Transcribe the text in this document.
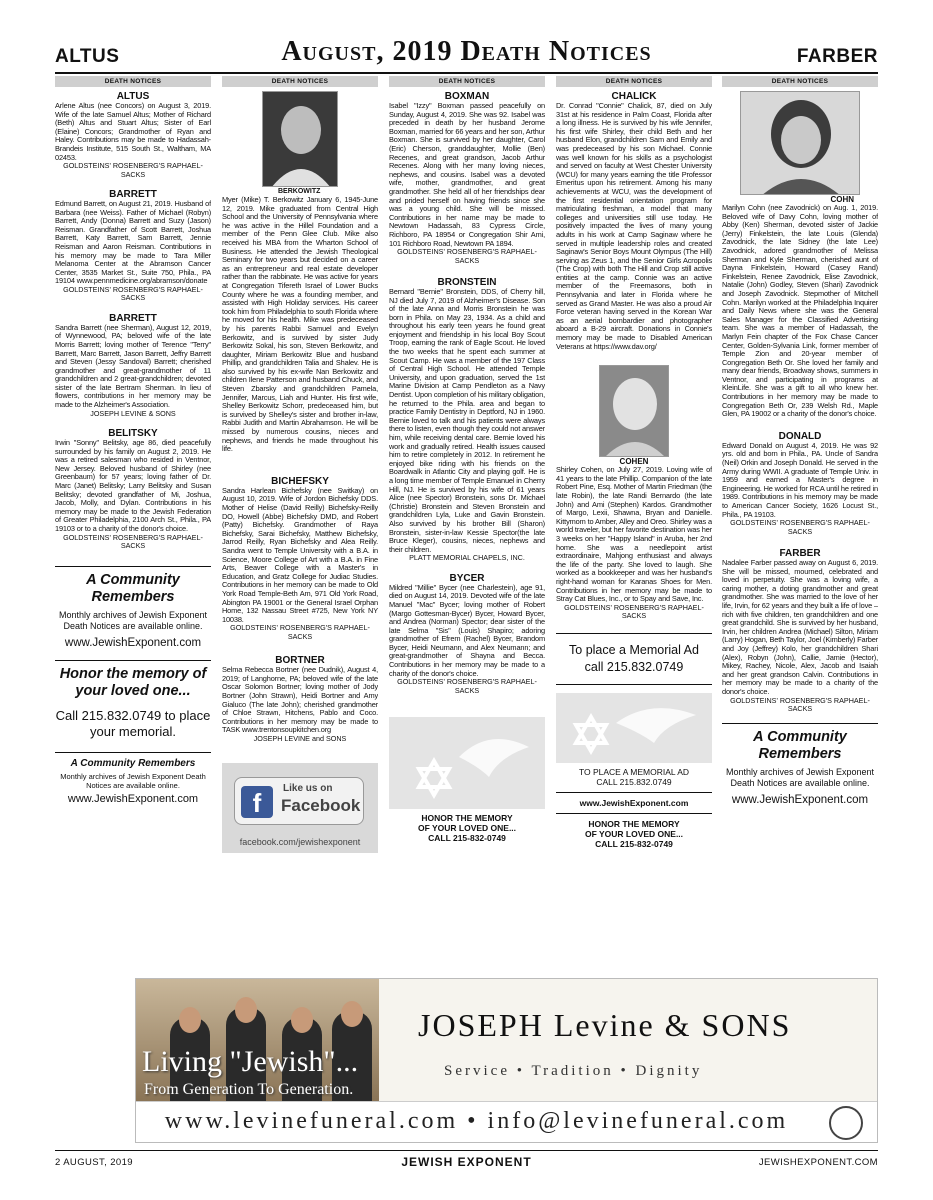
ALTUS	August, 2019 Death Notices	FARBER
DEATH NOTICES
ALTUS
Arlene Altus (nee Concors) on August 3, 2019. Wife of the late Samuel Altus; Mother of Richard (Beth) Altus and Stuart Altus; Sister of Earl (Elaine) Concors; Grandmother of Ryan and Haley. Contributions may be made to Hadassah-Brandeis Institute, 515 South St., Waltham, MA 02453.
GOLDSTEINS' ROSENBERG'S RAPHAEL-SACKS
BARRETT
Edmund Barrett, on August 21, 2019. Husband of Barbara (nee Weiss). Father of Michael (Robyn) Barrett, Andy (Donna) Barrett and Suzy (Jason) Reisman. Grandfather of Scott Barrett, Joshua Barrett, Katy Barrett, Sam Barrett, Jennie Reisman and Aaron Reisman. Contributions in his memory may be made to Tara Miller Melanoma Center at the Abramson Cancer Center, 3535 Market St., Suite 750, Phila., PA 19104 www.pennmedicine.org/abramson/donate
GOLDSTEINS' ROSENBERG'S RAPHAEL-SACKS
BARRETT
Sandra Barrett (nee Sherman), August 12, 2019, of Wynnewood, PA; beloved wife of the late Morris Barrett; loving mother of Terence "Terry" Barrett, Marc Barrett, Jason Barrett, Jeffry Barrett and Steven (Jessy Sandoval) Barrett; cherished grandmother and great-grandmother of 11 grandchildren and 2 great-grandchildren; devoted sister of the late Bertram Sherman. In lieu of flowers, contributions in her memory may be made to the Alzheimer's Association.
JOSEPH LEVINE & SONS
BELITSKY
Irwin "Sonny" Belitsky, age 86, died peacefully surrounded by his family on August 2, 2019. He was a retired salesman who resided in Ventnor, New Jersey. Beloved husband of Shirley (nee Greenbaum) for 57 years; loving father of Dr. Marc (Janet) Belitsky; Larry Belitsky and Susan Belitsky; devoted grandfather of Mi, Joshua, Jacob, Molly, and Dylan. Contributions in his memory may be made to the Jewish Federation of Greater Philadelphia, 2100 Arch St., Phila., PA 19103 or to a charity of the donor's choice.
GOLDSTEINS' ROSENBERG'S RAPHAEL-SACKS
A Community Remembers
Monthly archives of Jewish Exponent Death Notices are available online.
www.JewishExponent.com
Honor the memory of your loved one...
Call 215.832.0749 to place your memorial.
A Community Remembers
Monthly archives of Jewish Exponent Death Notices are available online.
www.JewishExponent.com
DEATH NOTICES
BERKOWITZ
Myer (Mike) T. Berkowitz January 6, 1945-June 12, 2019. Mike graduated from Central High School and the University of Pennsylvania where he was active in the Hillel Foundation and a member of the Penn Glee Club. Mike also received his MBA from the Wharton School of Business. He attended the Jewish Theological Seminary for two years but decided on a career as an entrepreneur and real estate developer rather than the rabbinate. He was active for years at Congregation Tifereth Israel of Lower Bucks County where he was a founding member, and assisted with High Holiday services. His career took him from Philadelphia to south Florida where he moved for his health. Mike was predeceased by his parents Rabbi Samuel and Evelyn Berkowitz, and is survived by sister Judy Berkowitz Sokal, his son, Steven Berkowitz, and daughter, Miriam Berkowitz Blue and husband Phillip, and grandchildren Talia and Shalev. He is also survived by his ex-wife Nan Berkowitz and children Ilene Patterson and husband Chuck, and Steven Zbarsky and grandchildren Pamela, Jennifer, Marcus, Liah and Hunter. His first wife, Shelley Berkowitz Schorr, predeceased him, but is survived by Shelley's sister and brother in-law, Rabbi Judith and Martin Abrahamson. He will be missed by numerous cousins, nieces and nephews, and friends he made throughout his life.
BICHEFSKY
Sandra Harlean Bichefsky (nee Switkay) on August 10, 2019. Wife of Jordon Bichefsky DDS. Mother of Helise (David Reilly) Bichefsky-Reilly DO, Howell (Abbe) Bichefsky DMD, and Robert (Patty) Bichefsky. Grandmother of Raya Bichefsky, Sarai Bichefsky, Matthew Bichefsky, Jarrod Reilly, Ryan Bichefsky and Alea Reilly. Sandra went to Temple University with a B.A. in Science, Moore College of Art with a B.A. in Fine Arts, Beaver College with a Master's in Education, and Gratz College for Judiac Studies. Contributions in her memory can be made to Old York Road Temple-Beth Am, 971 Old York Road, Abington PA 19001 or the General Israel Orphan Home, 132 Nassau Street #725, New York NY 10038.
GOLDSTEINS' ROSENBERG'S RAPHAEL-SACKS
BORTNER
Selma Rebecca Bortner (nee Dudnik), August 4, 2019; of Langhorne, PA; beloved wife of the late Oscar Solomon Bortner; loving mother of Jody Bortner (John Strawn), Heidi Bortner and Amy Gialuco (The late John); cherished grandmother of Chloe Strawn, Hitchens, Pablo and Coco. Contributions in her memory may be made to TASK www.trentonsoupkitchen.org
JOSEPH LEVINE and SONS
f	Like us on
Facebook
facebook.com/jewishexponent
DEATH NOTICES
BOXMAN
Isabel "Izzy" Boxman passed peacefully on Sunday, August 4, 2019. She was 92. Isabel was preceded in death by her husband Jerome Boxman, married for 66 years and her son, Arthur Boxman. She is survived by her daughter, Carol (Eric) Cherson, granddaughter, Mollie (Ben) Recenes, and great grandson, Jacob Arthur Recenes. Along with her many loving nieces, nephews, and cousins. Isabel was a devoted wife, mother, grandmother, and great grandmother. She held all of her friendships dear and prided herself on having friends since she was a young child. She will be missed. Contributions in her name may be made to Newtown Hadassah, 83 Cypress Circle, Richboro, PA 18954 or Congregation Shir Ami, 101 Richboro Road, Newtown PA 1894.
GOLDSTEINS' ROSENBERG'S RAPHAEL-SACKS
BRONSTEIN
Bernard "Bernie" Bronstein, DDS, of Cherry hill, NJ died July 7, 2019 of Alzheimer's Disease. Son of the late Anna and Morris Bronstein he was born in Phila. on May 23, 1934. As a child and throughout his early teen years he found great enjoyment and friendship in his local Boy Scout Troop, earning the rank of Eagle Scout. He loved the two weeks that he spent each summer at Scout Camp. He was a member of the 197 Class of Central High School. He attended Temple University, and upon graduation, served the 1st Marine Division at Camp Pendleton as a Navy Dentist. Upon completion of his military obligation, he returned to the Phila. area and began to practice Family Dentistry in Deptford, NJ in 1960. Bernie loved to talk and his patients were always there to listen, even though they could not answer him, while receiving dental care. Bernie loved his work and gradually retired. Health issues caused him to retire completely in 2012. In retirement he enjoyed bike riding with his friends on the Boardwalk in Atlantic City and playing golf. He is a long time member of Temple Emanuel in Cherry Hill, NJ. He is survived by his wife of 61 years Alice (nee Spector) Bronstein, sons Dr. Michael (Christie) Bronstein and Steven Bronstein and grandchildren Lyla, Luke and Gavin Bronstein. Also survived by his brother Bill (Sharon) Bronstein, sister-in-law Kessie Spector(the late Bruce Kleger), cousins, nieces, nephews and their children.
PLATT MEMORIAL CHAPELS, INC.
BYCER
Mildred "Millie" Bycer (nee Charlestein), age 91, died on August 14, 2019. Devoted wife of the late Manuel "Mac" Bycer; loving mother of Robert (Margo Gottesman-Bycer) Bycer, Howard Bycer, and Andrea (Norman) Spector; dear sister of the late Selma "Sis" (Louis) Shapiro; adoring grandmother of Efrem (Rachel) Bycer, Brandom Bycer, Heidi Neumann, and Alex Neumann; and great-grandmother of Shayna and Becca. Contributions in her memory may be made to a charity of the donor's choice.
GOLDSTEINS' ROSENBERG'S RAPHAEL-SACKS
HONOR THE MEMORY
OF YOUR LOVED ONE...
CALL 215-832-0749
DEATH NOTICES
CHALICK
Dr. Conrad "Connie" Chalick, 87, died on July 31st at his residence in Palm Coast, Florida after a long illness. He is survived by his wife Jennifer, his first wife Shirley, their child Beth and her husband Elon, grandchildren Sam and Emily and was predeceased by his son Michael. Connie was well known for his skills as a psychologist and served on faculty at West Chester University (WCU) for many years earning the title Professor Emeritus upon his retirement. Among his many achievements at WCU, was the development of the first residential orientation program for matriculating freshman, a model that many colleges and universities still use today. He positively impacted the lives of many young adults in his work at Camp Saginaw where he served in multiple leadership roles and created Saginaw's Senior Boys Mount Olympus (The Hill) serving as Zeus 1, and the Senior Girls Acropolis (The Crop) with both The Hill and Crop still active entities at the camp. Connie was an active member of the Freemasons, both in Pennsylvania and later in Florida where he served as Grand Master. He was also a proud Air Force veteran having served in the Korean War as an aerial bombardier and photographer aboard a B-29 aircraft. Donations in Connie's memory may be made to Disabled American Veterans at https://www.dav.org/
COHEN
Shirley Cohen, on July 27, 2019. Loving wife of 41 years to the late Phillip. Companion of the late Robert Pine, Esq. Mother of Martin Friedman (the late Robin), the late Randi Bernardo (the late John) and Ami (Stephen) Kardos. Grandmother of Margo, Lexii, Shawna, Bryan and Danielle. Kittymom to Amber, Alley and Oreo. Shirley was a world traveler, but her favorite destination was her 3 weeks on her "Happy Island" in Aruba, her 2nd home. She was a needlepoint artist extraordinaire, Mahjong enthusiast and always the life of the party. She loved to laugh. She worked as a bookkeeper and was her husband's right-hand woman for Karanas Shoes for Men. Contributions in her memory may be made to Stray Cat Blues, Inc., or to Spay and Save, Inc.
GOLDSTEINS' ROSENBERG'S RAPHAEL-SACKS
To place a Memorial Ad
call 215.832.0749
TO PLACE A MEMORIAL AD
CALL 215.832.0749
www.JewishExponent.com
HONOR THE MEMORY
OF YOUR LOVED ONE...
CALL 215-832-0749
DEATH NOTICES
COHN
Marilyn Cohn (nee Zavodnick) on Aug. 1, 2019. Beloved wife of Davy Cohn, loving mother of Abby (Ken) Sherman, devoted sister of Jackie (Jerry) Finkelstein, the late Louis (Glenda) Zavodnick, the late Sidney (the late Lee) Zavodnick, adored grandmother of Melissa Sherman and Kyle Sherman, cherished aunt of Dayna Finkelstein, Howard (Casey Rand) Finkelstein, Renee Zavodnick, Elise Zavodnick, Natalie (John) Godley, Steven (Shari) Zavodnick and Joseph Zavodnick. Stepmother of Mitchell Cohn. Marilyn worked at the Philadelphia Inquirer and Daily News where she was the General Sales Manager for the Classified Advertising team. She was a member of Hadassah, the Marlyn Fein chapter of the Fox Chase Cancer Center, Golden-Sylvania Link, former member of Temple Zion and 20-year member of Congregation Beth Or. She loved her family and many dear friends, Broadway shows, summers in Ventnor, and participating in programs at KleinLife. She was a gift to all who knew her. Contributions in her memory may be made to Congregation Beth Or, 239 Welsh Rd., Maple Glen, PA 19002 or a charity of the donor's choice.
DONALD
Edward Donald on August 4, 2019. He was 92 yrs. old and born in Phila., PA. Uncle of Sandra (Neil) Orkin and Joseph Donald. He served in the Army during WWII. A graduate of Temple Univ. in 1959 and earned a Master's degree in Engineering. He worked for RCA until he retired in 1989. Contributions in his memory may be made to American Cancer Society, 1626 Locust St., Phila., PA 19103.
GOLDSTEINS' ROSENBERG'S RAPHAEL-SACKS
FARBER
Nadalee Farber passed away on August 6, 2019. She will be missed, mourned, celebrated and loved in perpetuity. She was a loving wife, a caring mother, a doting grandmother and great grandmother. She was married to the love of her life, Irvin, for 62 years and they built a life of love – rich with five children, ten grandchildren and one great grandchild. She is survived by her husband, Irvin, her children Andrea (Michael) Silton, Miriam (Larry) Hogan, Beth Taylor, Joel (Kimberly) Farber and Joy (Jeffrey) Kolo, her grandchildren Shari (Alex), Robyn (John), Callie, Jamie (Hector), Mikey, Rachey, Nicole, Alex, Jacob and Isaiah and her great grandson Calvin. Contributions in her memory may be made to a charity of the donor's choice.
GOLDSTEINS' ROSENBERG'S RAPHAEL-SACKS
A Community Remembers
Monthly archives of Jewish Exponent Death Notices are available online.
www.JewishExponent.com
Living "Jewish"...
From Generation To Generation.
JOSEPH Levine & SONS
Service • Tradition • Dignity
www.levinefuneral.com • info@levinefuneral.com
2 AUGUST, 2019	JEWISH EXPONENT	JEWISHEXPONENT.COM
